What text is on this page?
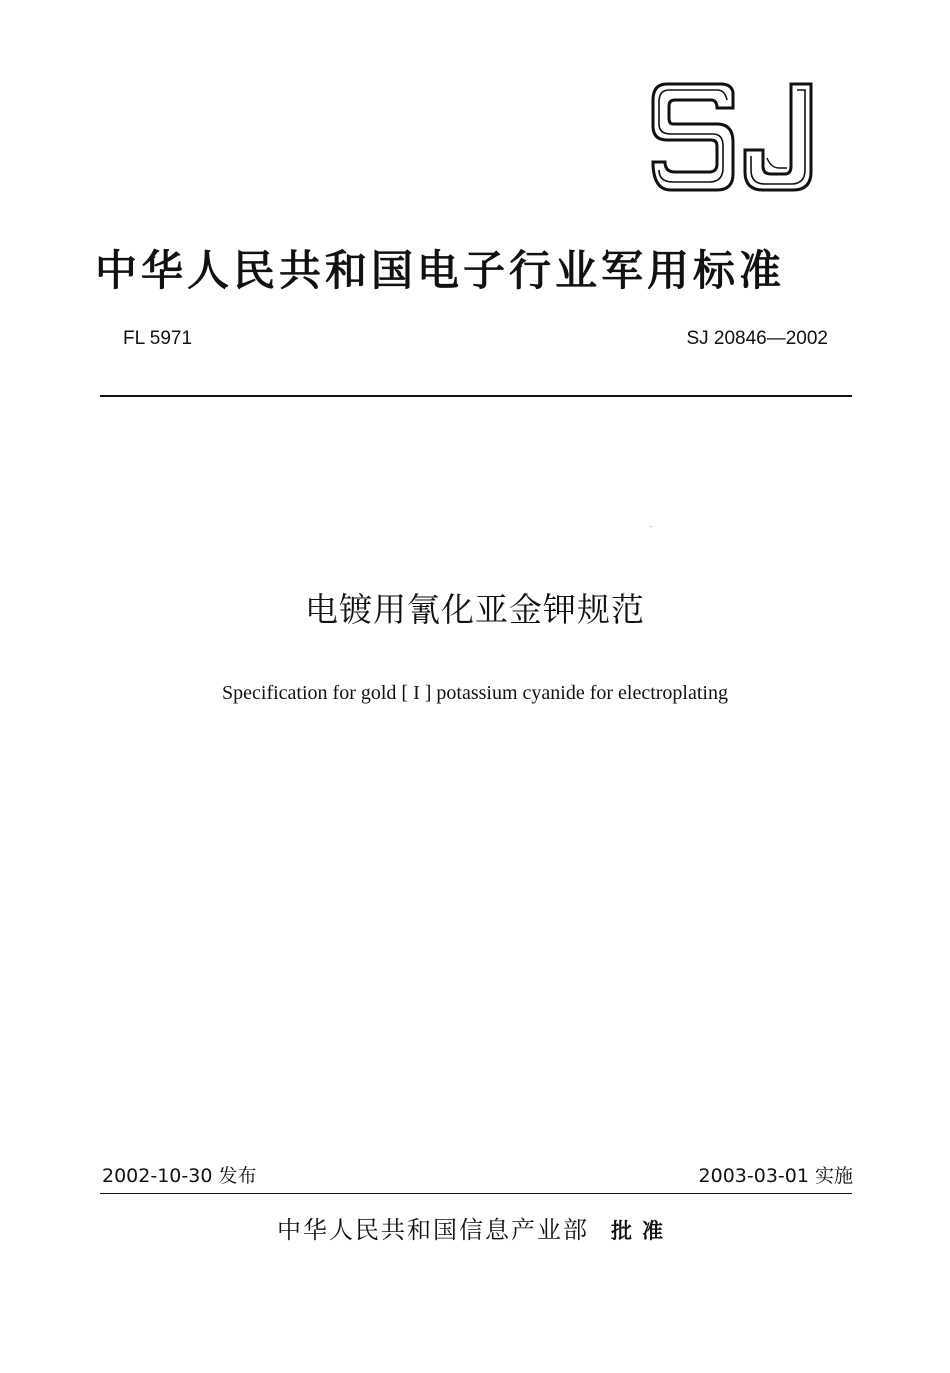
中华人民共和国电子行业军用标准
FL 5971	SJ 20846—2002
电镀用氰化亚金钾规范
Specification for gold [ I ] potassium cyanide for electroplating
2002-10-30 发布	2003-03-01 实施
中华人民共和国信息产业部 批准
